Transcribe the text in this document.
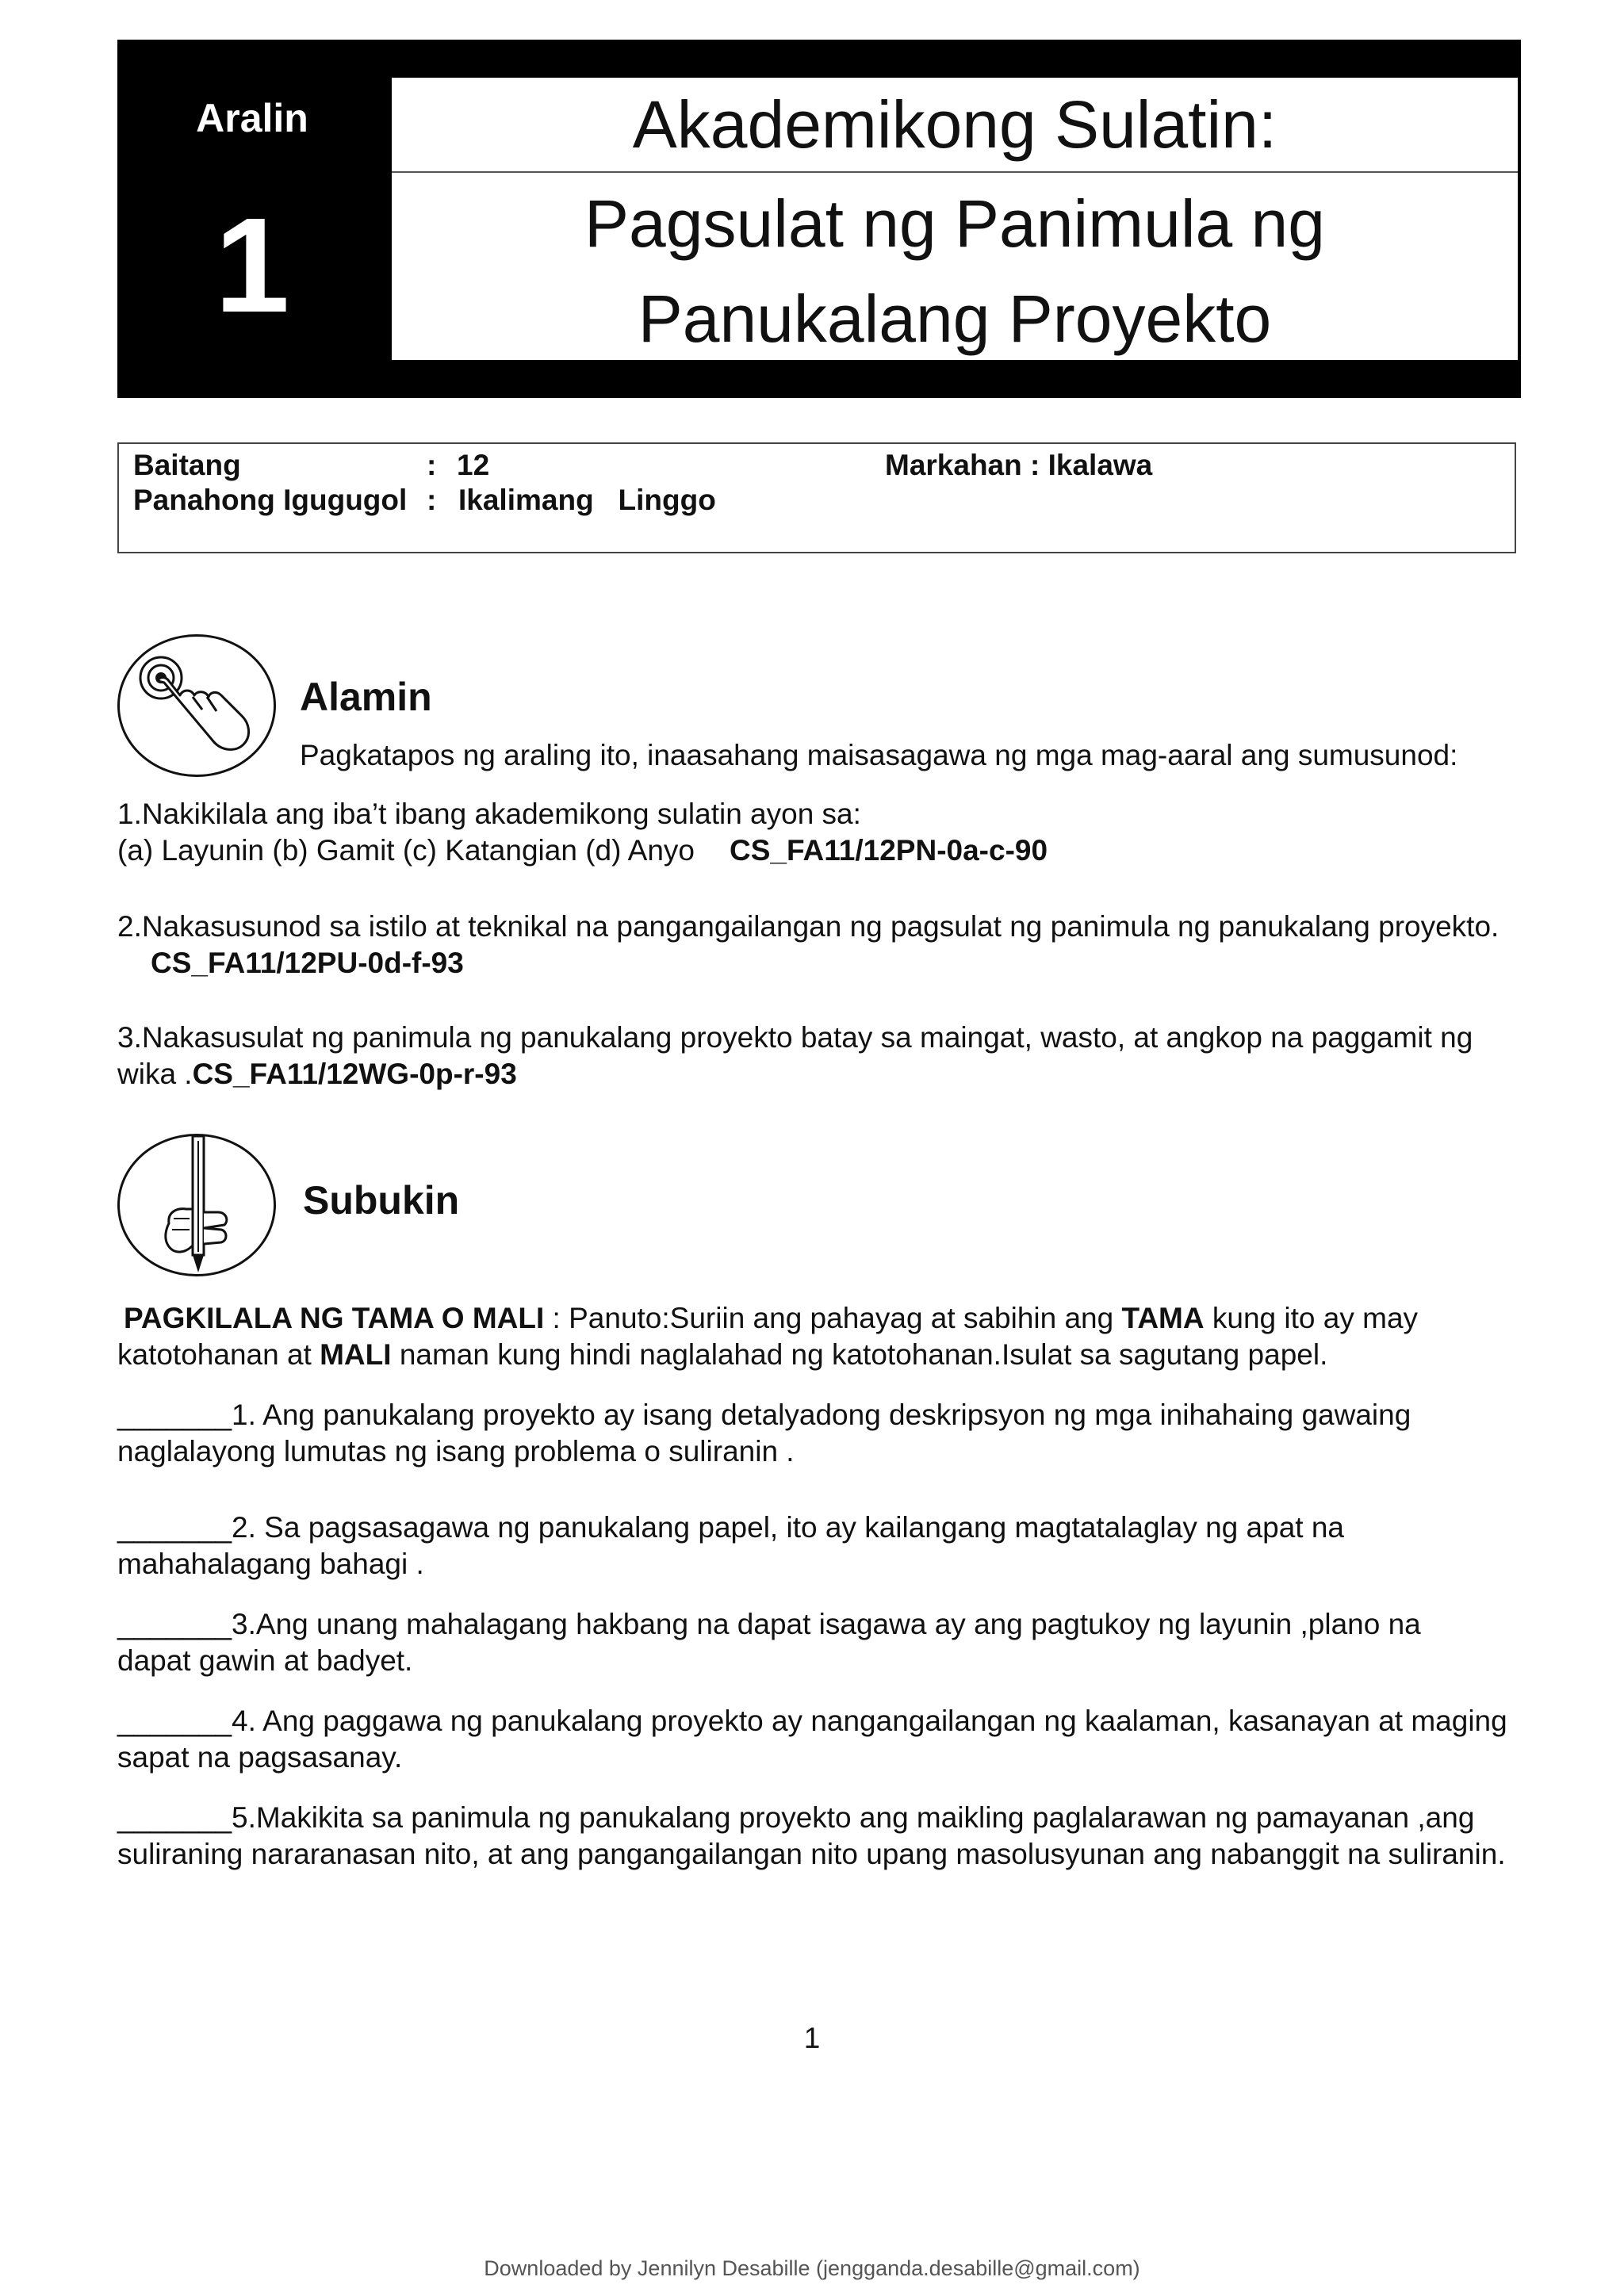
Aralin
1
Akademikong Sulatin:
Pagsulat ng Panimula ng
Panukalang Proyekto
Baitang	: 12	Markahan : Ikalawa
Panahong Igugugol : Ikalimang   Linggo
Alamin
Pagkatapos ng araling ito, inaasahang maisasagawa ng mga mag-aaral ang sumusunod:
1.Nakikilala ang iba’t ibang akademikong sulatin ayon sa:
(a) Layunin (b) Gamit (c) Katangian (d) Anyo CS_FA11/12PN-0a-c-90
2.Nakasusunod sa istilo at teknikal na pangangailangan ng pagsulat ng panimula ng panukalang proyekto.
CS_FA11/12PU-0d-f-93
3.Nakasusulat ng panimula ng panukalang proyekto batay sa maingat, wasto, at angkop na paggamit ng
wika .CS_FA11/12WG-0p-r-93
Subukin
PAGKILALA NG TAMA O MALI : Panuto:Suriin ang pahayag at sabihin ang TAMA kung ito ay may
katotohanan at MALI naman kung hindi naglalahad ng katotohanan.Isulat sa sagutang papel.
_______1. Ang panukalang proyekto ay isang detalyadong deskripsyon ng mga inihahaing gawaing
naglalayong lumutas ng isang problema o suliranin .
_______2. Sa pagsasagawa ng panukalang papel, ito ay kailangang magtatalaglay ng apat na
mahahalagang bahagi .
_______3.Ang unang mahalagang hakbang na dapat isagawa ay ang pagtukoy ng layunin ,plano na
dapat gawin at badyet.
_______4. Ang paggawa ng panukalang proyekto ay nangangailangan ng kaalaman, kasanayan at maging
sapat na pagsasanay.
_______5.Makikita sa panimula ng panukalang proyekto ang maikling paglalarawan ng pamayanan ,ang
suliraning nararanasan nito, at ang pangangailangan nito upang masolusyunan ang nabanggit na suliranin.
1
Downloaded by Jennilyn Desabille (jengganda.desabille@gmail.com)
